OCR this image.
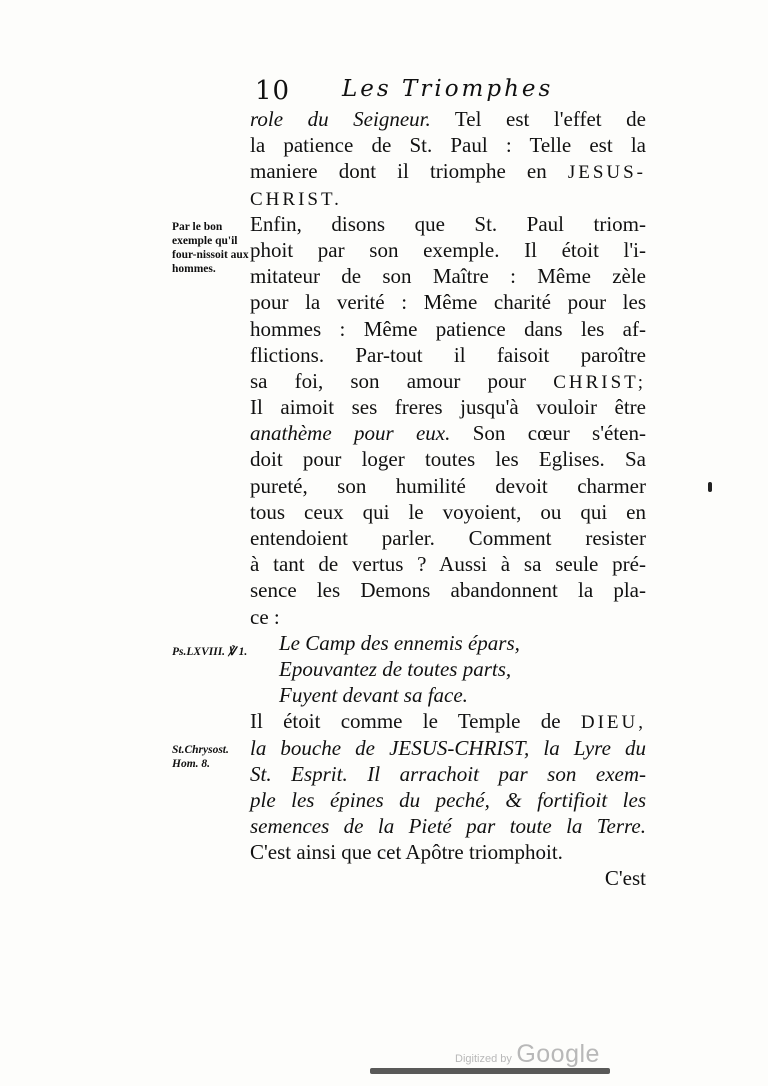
10 Les Triomphes
Par le bon exemple qu'il four-nissoit aux hommes.
Ps.LXVIII. ℣ 1.
St.Chrysost. Hom. 8.
role du Seigneur. Tel est l'effet de
la patience de St. Paul : Telle est la
maniere dont il triomphe en JESUS-
CHRIST.
Enfin, disons que St. Paul triom-
phoit par son exemple. Il étoit l'i-
mitateur de son Maître : Même zèle
pour la verité : Même charité pour les
hommes : Même patience dans les af-
flictions. Par-tout il faisoit paroître
sa foi, son amour pour CHRIST;
Il aimoit ses freres jusqu'à vouloir être
anathème pour eux. Son cœur s'éten-
doit pour loger toutes les Eglises. Sa
pureté, son humilité devoit charmer
tous ceux qui le voyoient, ou qui en
entendoient parler. Comment resister
à tant de vertus ? Aussi à sa seule pré-
sence les Demons abandonnent la pla-
ce :
Le Camp des ennemis épars,
Epouvantez de toutes parts,
Fuyent devant sa face.
Il étoit comme le Temple de DIEU,
la bouche de JESUS-CHRIST, la Lyre du
St. Esprit. Il arrachoit par son exem-
ple les épines du peché, & fortifioit les
semences de la Pieté par toute la Terre.
C'est ainsi que cet Apôtre triomphoit.
C'est
Digitized by Google
